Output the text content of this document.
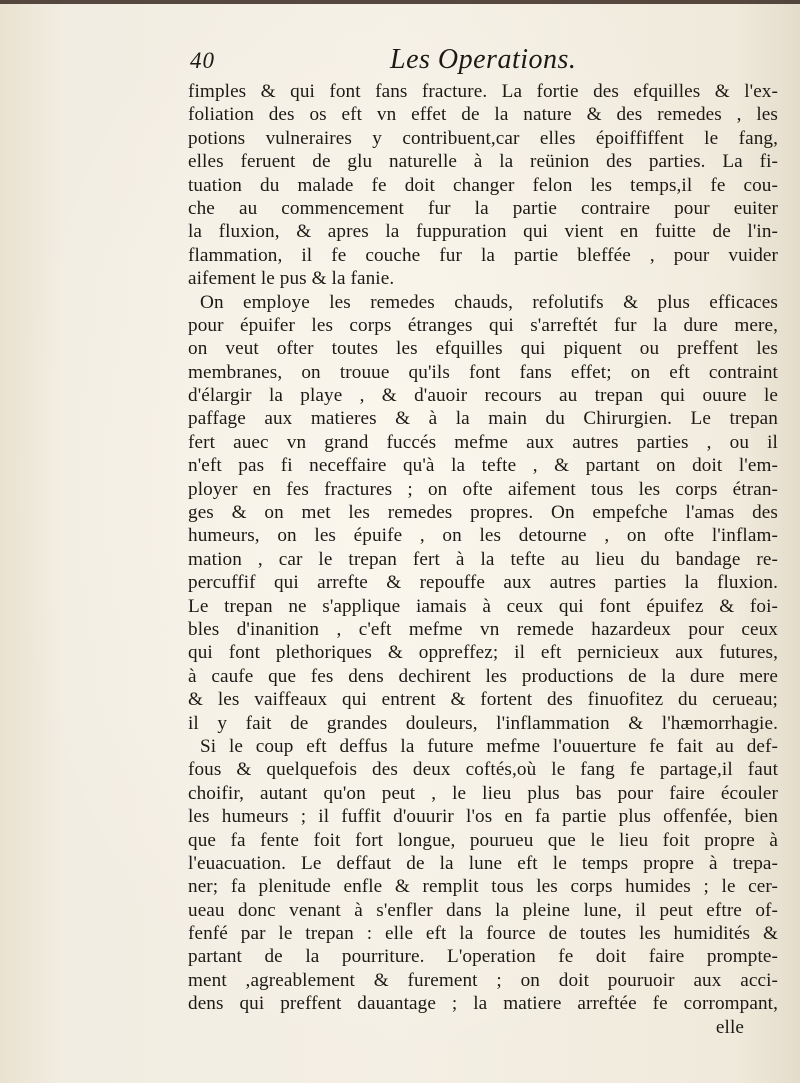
40	Les Operations.
fimples & qui font fans fracture. La fortie des efquilles & l'ex-
foliation des os eft vn effet de la nature & des remedes , les
potions vulneraires y contribuent,car elles époiffiffent le fang,
elles feruent de glu naturelle à la reünion des parties. La fi-
tuation du malade fe doit changer felon les temps,il fe cou-
che au commencement fur la partie contraire pour euiter
la fluxion, & apres la fuppuration qui vient en fuitte de l'in-
flammation, il fe couche fur la partie bleffée , pour vuider
aifement le pus & la fanie.
On employe les remedes chauds, refolutifs & plus efficaces
pour épuifer les corps étranges qui s'arreftét fur la dure mere,
on veut ofter toutes les efquilles qui piquent ou preffent les
membranes, on trouue qu'ils font fans effet; on eft contraint
d'élargir la playe , & d'auoir recours au trepan qui ouure le
paffage aux matieres & à la main du Chirurgien. Le trepan
fert auec vn grand fuccés mefme aux autres parties , ou il
n'eft pas fi neceffaire qu'à la tefte , & partant on doit l'em-
ployer en fes fractures ; on ofte aifement tous les corps étran-
ges & on met les remedes propres. On empefche l'amas des
humeurs, on les épuife , on les detourne , on ofte l'inflam-
mation , car le trepan fert à la tefte au lieu du bandage re-
percuffif qui arrefte & repouffe aux autres parties la fluxion.
Le trepan ne s'applique iamais à ceux qui font épuifez & foi-
bles d'inanition , c'eft mefme vn remede hazardeux pour ceux
qui font plethoriques & oppreffez; il eft pernicieux aux futures,
à caufe que fes dens dechirent les productions de la dure mere
& les vaiffeaux qui entrent & fortent des finuofitez du cerueau;
il y fait de grandes douleurs, l'inflammation & l'hæmorrhagie.
Si le coup eft deffus la future mefme l'ouuerture fe fait au def-
fous & quelquefois des deux coftés,où le fang fe partage,il faut
choifir, autant qu'on peut , le lieu plus bas pour faire écouler
les humeurs ; il fuffit d'ouurir l'os en fa partie plus offenfée, bien
que fa fente foit fort longue, pourueu que le lieu foit propre à
l'euacuation. Le deffaut de la lune eft le temps propre à trepa-
ner; fa plenitude enfle & remplit tous les corps humides ; le cer-
ueau donc venant à s'enfler dans la pleine lune, il peut eftre of-
fenfé par le trepan : elle eft la fource de toutes les humidités &
partant de la pourriture. L'operation fe doit faire prompte-
ment ,agreablement & furement ; on doit pouruoir aux acci-
dens qui preffent dauantage ; la matiere arreftée fe corrompant,
elle
